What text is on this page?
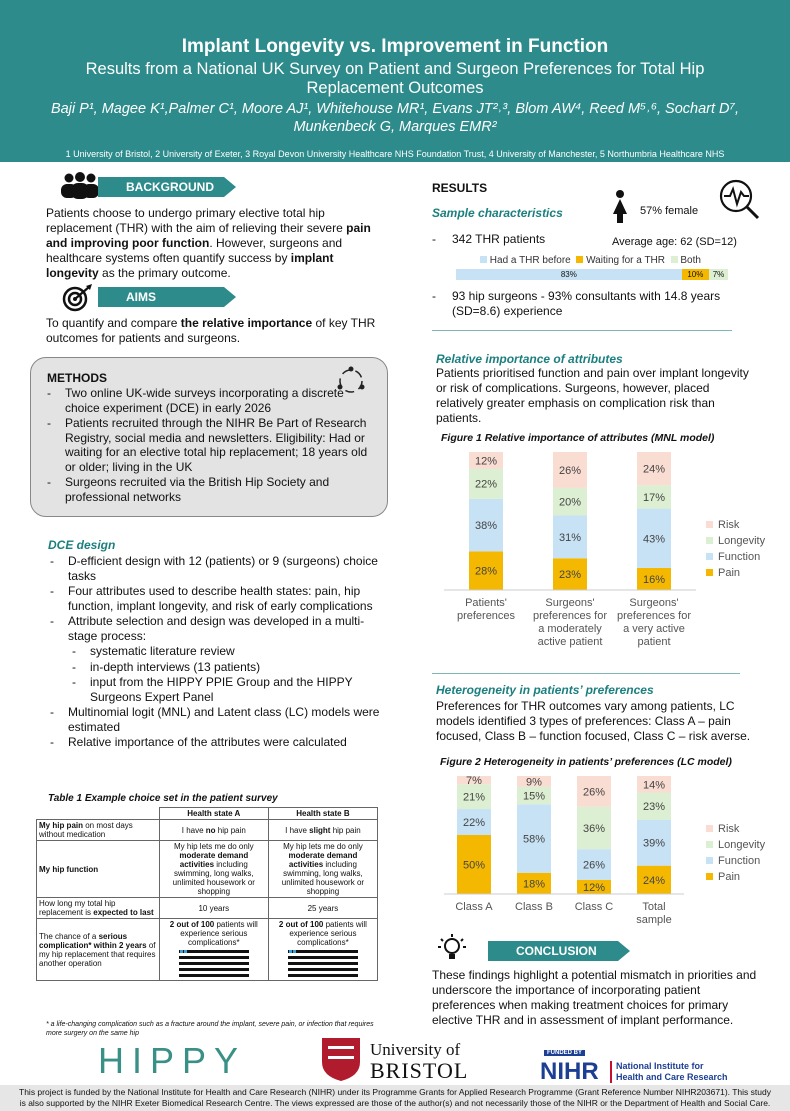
Implant Longevity vs. Improvement in Function
Results from a National UK Survey on Patient and Surgeon Preferences for Total Hip Replacement Outcomes
Baji P¹, Magee K¹,Palmer C¹, Moore AJ¹, Whitehouse MR¹, Evans JT²˒³, Blom AW⁴, Reed M⁵˒⁶, Sochart D⁷,
Munkenbeck G, Marques EMR²
1 University of Bristol, 2 University of Exeter, 3 Royal Devon University Healthcare NHS Foundation Trust, 4 University of Manchester, 5 Northumbria Healthcare NHS
BACKGROUND
Patients choose to undergo primary elective total hip replacement (THR) with the aim of relieving their severe pain and improving poor function. However, surgeons and healthcare systems often quantify success by implant longevity as the primary outcome.
AIMS
To quantify and compare the relative importance of key THR outcomes for patients and surgeons.
METHODS
- Two online UK-wide surveys incorporating a discrete choice experiment (DCE) in early 2026
- Patients recruited through the NIHR Be Part of Research Registry, social media and newsletters. Eligibility: Had or waiting for an elective total hip replacement; 18 years old or older; living in the UK
- Surgeons recruited via the British Hip Society and professional networks
DCE design
- D-efficient design with 12 (patients) or 9 (surgeons) choice tasks
- Four attributes used to describe health states: pain, hip function, implant longevity, and risk of early complications
- Attribute selection and design was developed in a multi-stage process:
- systematic literature review
- in-depth interviews (13 patients)
- input from the HIPPY PPIE Group and the HIPPY Surgeons Expert Panel
- Multinomial logit (MNL) and Latent class (LC) models were estimated
- Relative importance of the attributes were calculated
Table 1 Example choice set in the patient survey
	Health state A	Health state B
My hip pain on most days without medication	I have no hip pain	I have slight hip pain
My hip function	My hip lets me do only moderate demand activities including swimming, long walks, unlimited housework or shopping	My hip lets me do only moderate demand activities including swimming, long walks, unlimited housework or shopping
How long my total hip replacement is expected to last	10 years	25 years
The chance of a serious complication* within 2 years of my hip replacement that requires another operation	2 out of 100 patients will experience serious complications*	2 out of 100 patients will experience serious complications*
* a life-changing complication such as a fracture around the implant, severe pain, or infection that requires more surgery on the same hip
HIPPY	University of
BRISTOL
FUNDED BY
NIHR National Institute for
Health and Care Research
RESULTS
Sample characteristics	57% female
- 342 THR patients	Average age: 62 (SD=12)
Had a THR before Waiting for a THR Both
83%	10%	7%
-	93 hip surgeons - 93% consultants with 14.8 years (SD=8.6) experience
Relative importance of attributes
Patients prioritised function and pain over implant longevity or risk of complications. Surgeons, however, placed relatively greater emphasis on complication risk than patients.
Figure 1 Relative importance of attributes (MNL model)
28%
38%
22%
12%
Patients'
preferences
23%
31%
20%
26%
Surgeons'
preferences for
a moderately
active patient
16%
43%
17%
24%
Surgeons'
preferences for
a very active
patient
Risk
Longevity
Function
Pain
Heterogeneity in patients’ preferences
Preferences for THR outcomes vary among patients, LC models identified 3 types of preferences: Class A – pain focused, Class B – function focused, Class C – risk averse.
Figure 2 Heterogeneity in patients’ preferences (LC model)
50%
22%
21%
7%
Class A
18%
58%
15%
9%
Class B
12%
26%
36%
26%
Class C
24%
39%
23%
14%
Total
sample
Risk
Longevity
Function
Pain
CONCLUSION
These findings highlight a potential mismatch in priorities and underscore the importance of incorporating patient preferences when making treatment choices for primary elective THR and in assessment of implant performance.
This project is funded by the National Institute for Health and Care Research (NIHR) under its Programme Grants for Applied Research Programme (Grant Reference Number NIHR203671). This study
is also supported by the NIHR Exeter Biomedical Research Centre. The views expressed are those of the author(s) and not necessarily those of the NIHR or the Department of Health and Social Care.
